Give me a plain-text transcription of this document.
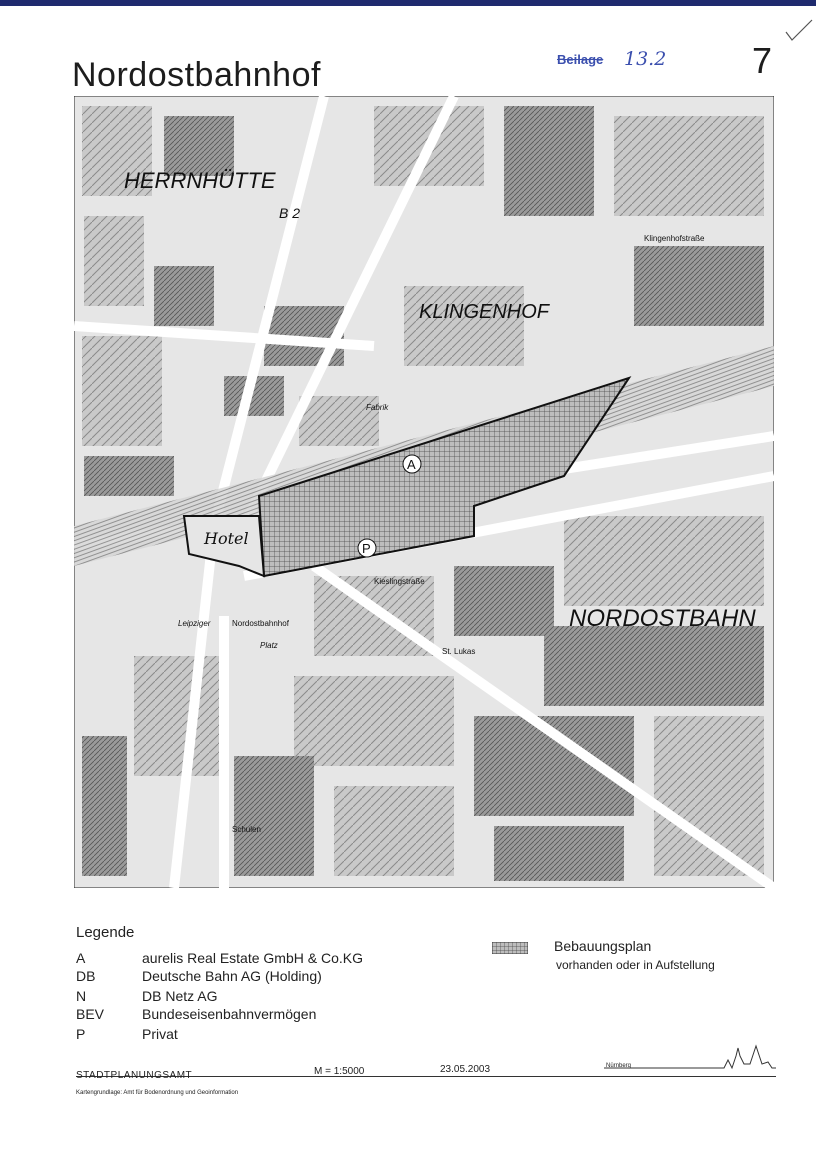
Nordostbahnhof	Beilage 13.2 7
HERRNHÜTTE
KLINGENHOF
NORDOSTBAHN
Hotel
B 2
A
P
Nordostbahnhof
Leipziger
Platz
Klingenhofstraße
Kieslingstraße
Schulen
St. Lukas
Fabrik
Legende
A	aurelis Real Estate GmbH & Co.KG
DB	Deutsche Bahn AG (Holding)
N	DB Netz AG
BEV	Bundeseisenbahnvermögen
P	Privat
Bebauungsplan
vorhanden oder in Aufstellung
STADTPLANUNGSAMT	M = 1:5000	23.05.2003	Nürnberg
Kartengrundlage: Amt für Bodenordnung und Geoinformation
